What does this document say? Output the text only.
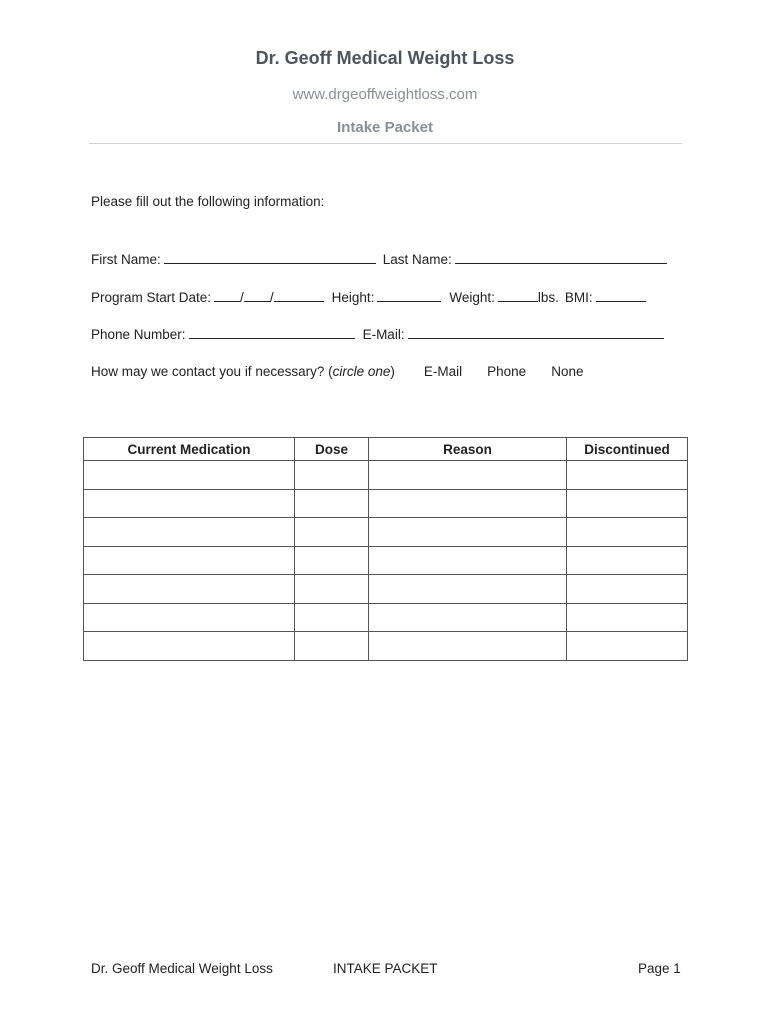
Dr. Geoff Medical Weight Loss
www.drgeoffweightloss.com
Intake Packet
Please fill out the following information:
First Name:	Last Name:
Program Start Date: / /	Height:	Weight:	lbs. BMI:
Phone Number:	E-Mail:
How may we contact you if necessary? ( circle one ) E-Mail Phone None
Current Medication	Dose	Reason	Discontinued

Dr. Geoff Medical Weight Loss	INTAKE PACKET	Page 1
